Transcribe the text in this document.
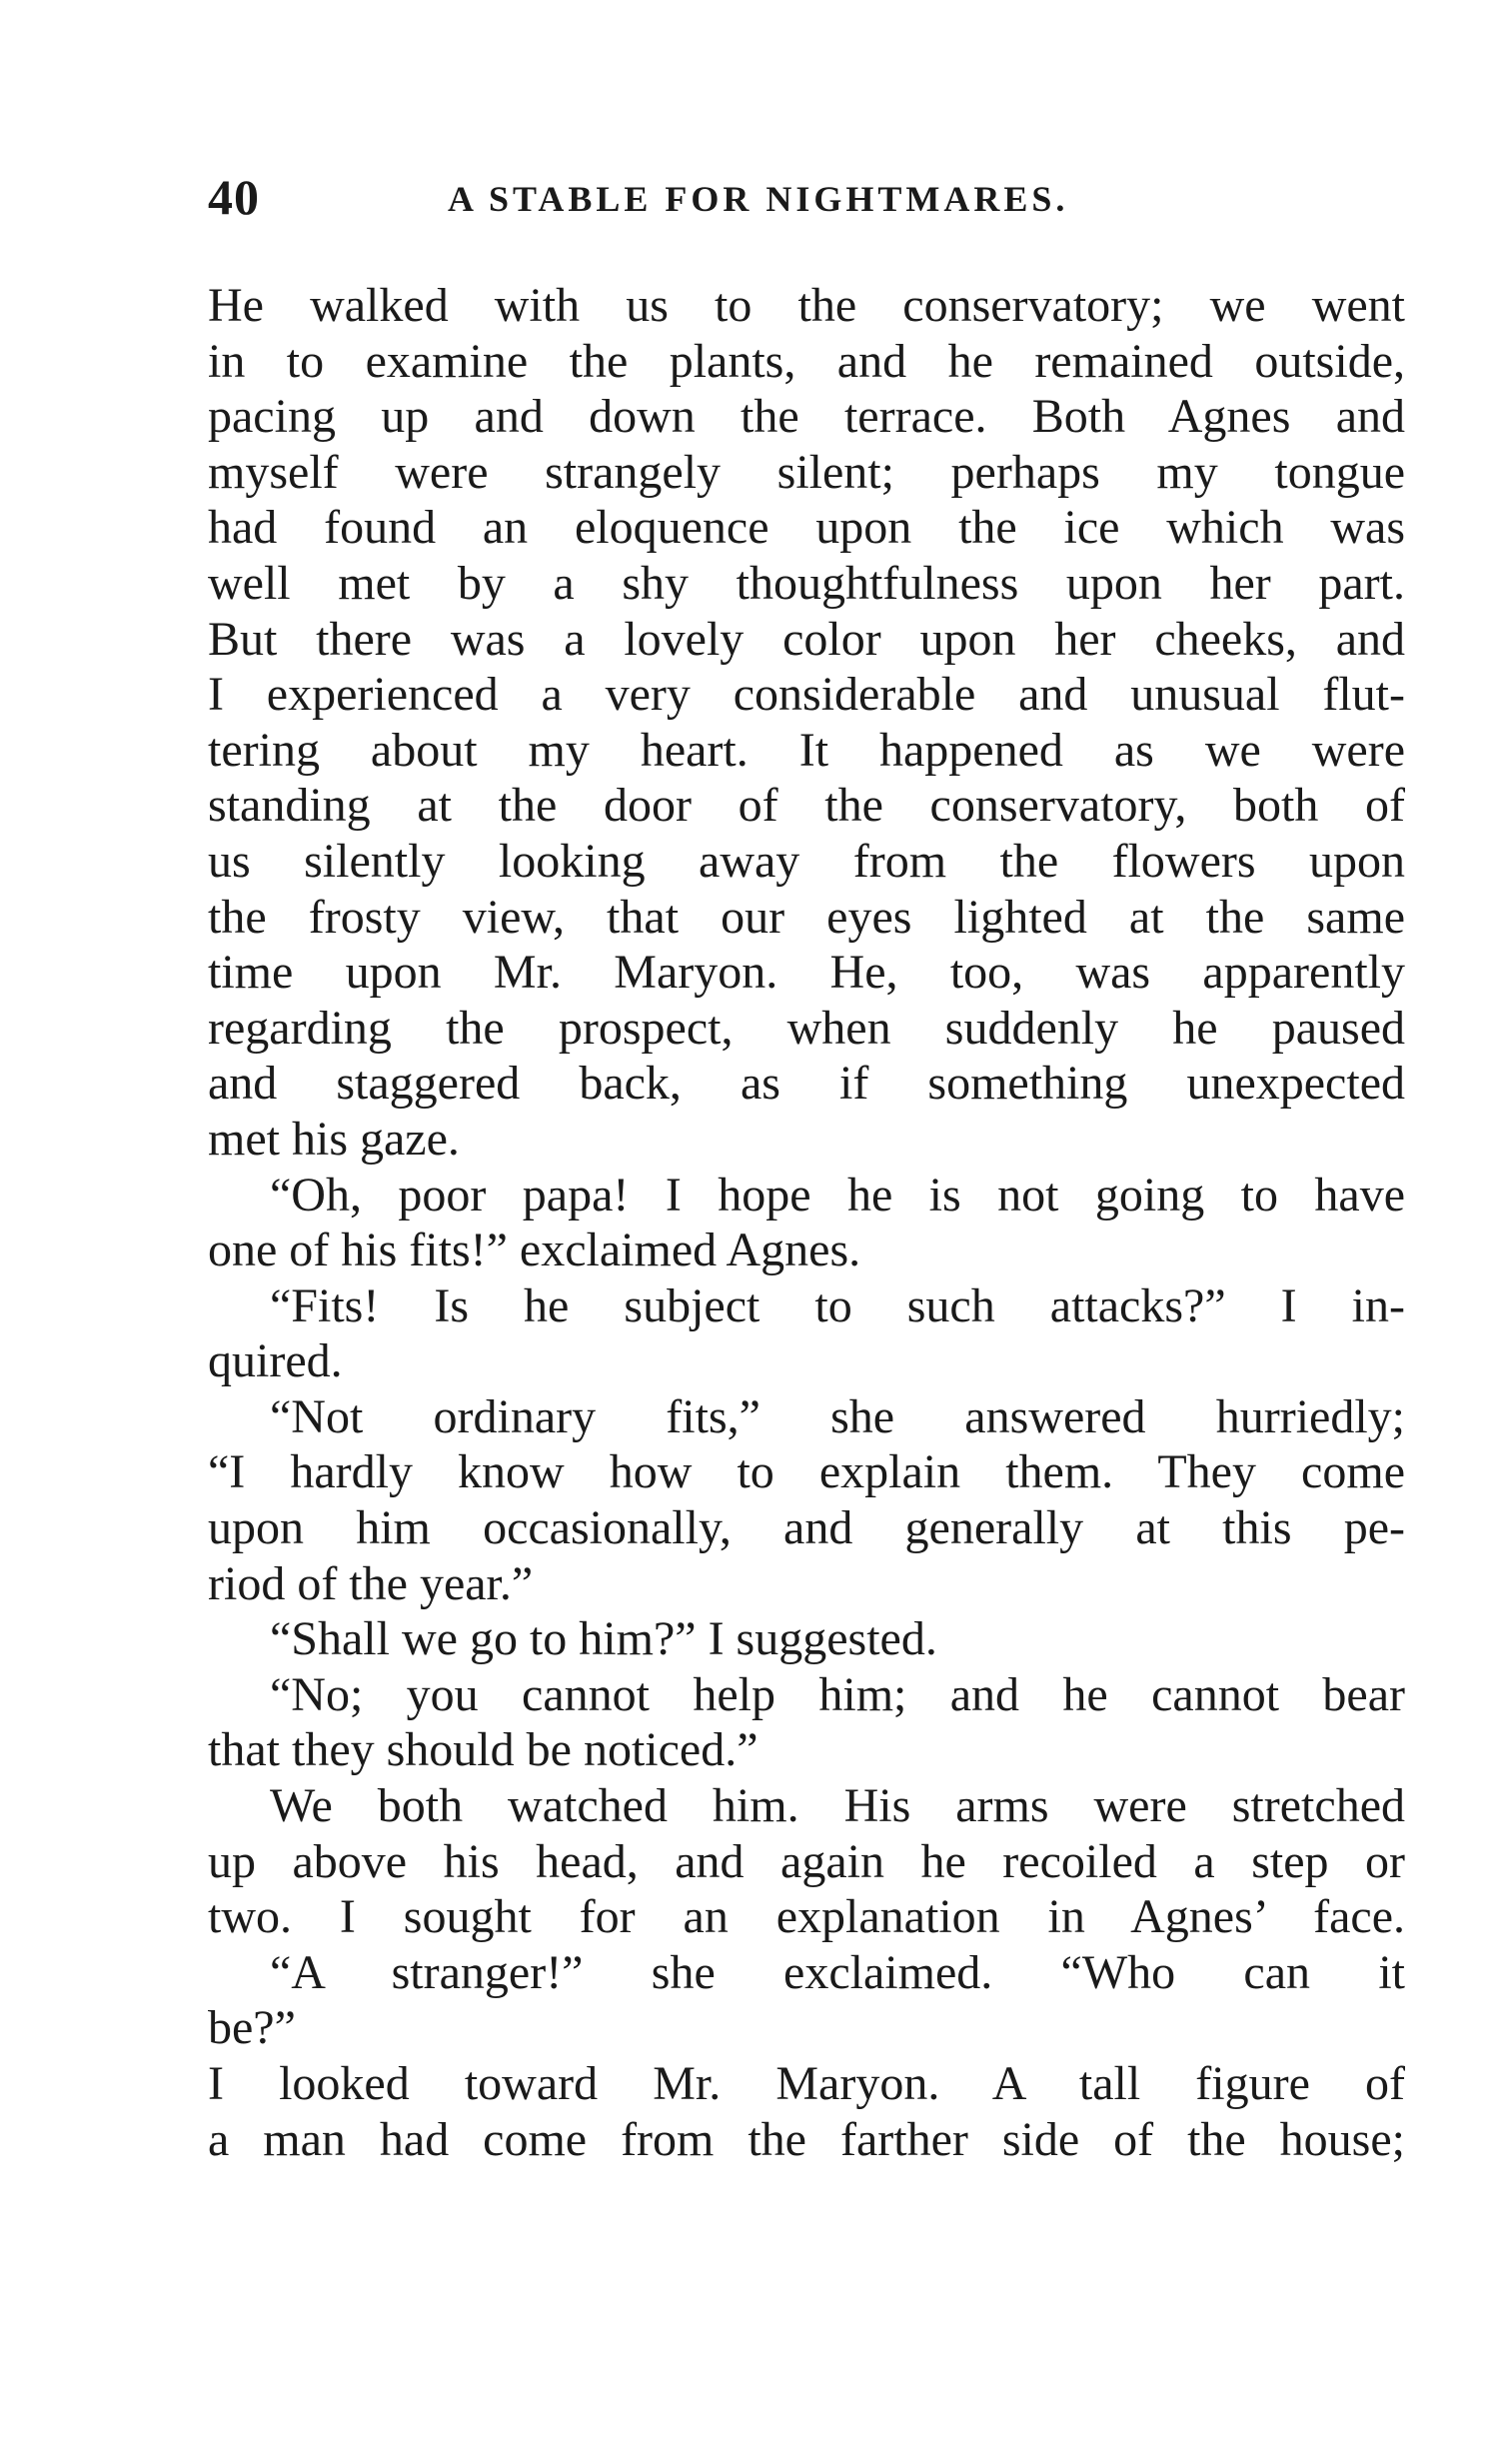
40	A STABLE FOR NIGHTMARES.
He walked with us to the conservatory; we went
in to examine the plants, and he remained outside,
pacing up and down the terrace. Both Agnes and
myself were strangely silent; perhaps my tongue
had found an eloquence upon the ice which was
well met by a shy thoughtfulness upon her part.
But there was a lovely color upon her cheeks, and
I experienced a very considerable and unusual flut-
tering about my heart. It happened as we were
standing at the door of the conservatory, both of
us silently looking away from the flowers upon
the frosty view, that our eyes lighted at the same
time upon Mr. Maryon. He, too, was apparently
regarding the prospect, when suddenly he paused
and staggered back, as if something unexpected
met his gaze.
“Oh, poor papa! I hope he is not going to have
one of his fits!” exclaimed Agnes.
“Fits! Is he subject to such attacks?” I in-
quired.
“Not ordinary fits,” she answered hurriedly;
“I hardly know how to explain them. They come
upon him occasionally, and generally at this pe-
riod of the year.”
“Shall we go to him?” I suggested.
“No; you cannot help him; and he cannot bear
that they should be noticed.”
We both watched him. His arms were stretched
up above his head, and again he recoiled a step or
two. I sought for an explanation in Agnes’ face.
“A stranger!” she exclaimed. “Who can it
be?”
I looked toward Mr. Maryon. A tall figure of
a man had come from the farther side of the house;
